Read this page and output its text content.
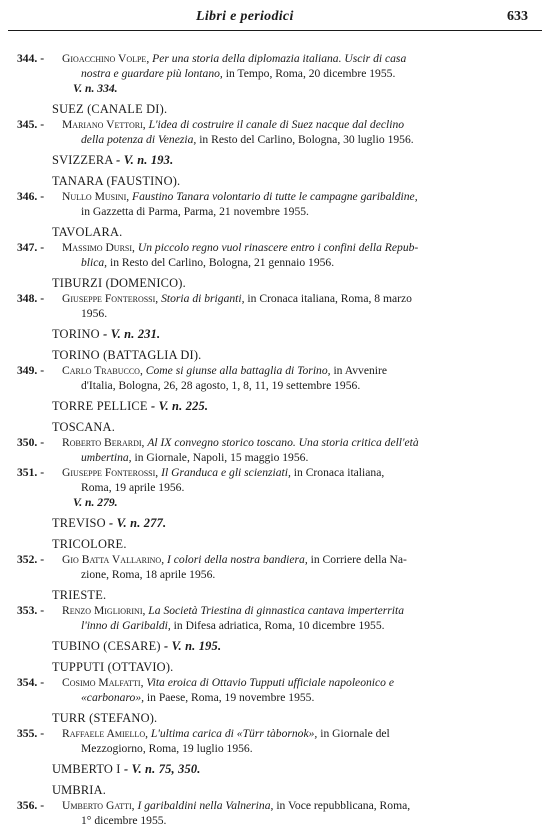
Libri e periodici	633
344. - Gioacchino Volpe, Per una storia della diplomazia italiana. Uscir di casa
nostra e guardare più lontano, in Tempo, Roma, 20 dicembre 1955.
V. n. 334.
SUEZ (CANALE DI).
345. - Mariano Vettori, L'idea di costruire il canale di Suez nacque dal declino
della potenza di Venezia, in Resto del Carlino, Bologna, 30 luglio 1956.
SVIZZERA - V. n. 193.
TANARA (FAUSTINO).
346. - Nullo Musini, Faustino Tanara volontario di tutte le campagne garibaldine,
in Gazzetta di Parma, Parma, 21 novembre 1955.
TAVOLARA.
347. - Massimo Dursi, Un piccolo regno vuol rinascere entro i confini della Repub-
blica, in Resto del Carlino, Bologna, 21 gennaio 1956.
TIBURZI (DOMENICO).
348. - Giuseppe Fonterossi, Storia di briganti, in Cronaca italiana, Roma, 8 marzo
1956.
TORINO - V. n. 231.
TORINO (BATTAGLIA DI).
349. - Carlo Trabucco, Come si giunse alla battaglia di Torino, in Avvenire
d'Italia, Bologna, 26, 28 agosto, 1, 8, 11, 19 settembre 1956.
TORRE PELLICE - V. n. 225.
TOSCANA.
350. - Roberto Berardi, Al IX convegno storico toscano. Una storia critica dell'età
umbertina, in Giornale, Napoli, 15 maggio 1956.
351. - Giuseppe Fonterossi, Il Granduca e gli scienziati, in Cronaca italiana,
Roma, 19 aprile 1956.
V. n. 279.
TREVISO - V. n. 277.
TRICOLORE.
352. - Gio Batta Vallarino, I colori della nostra bandiera, in Corriere della Na-
zione, Roma, 18 aprile 1956.
TRIESTE.
353. - Renzo Migliorini, La Società Triestina di ginnastica cantava imperterrita
l'inno di Garibaldi, in Difesa adriatica, Roma, 10 dicembre 1955.
TUBINO (CESARE) - V. n. 195.
TUPPUTI (OTTAVIO).
354. - Cosimo Malfatti, Vita eroica di Ottavio Tupputi ufficiale napoleonico e
«carbonaro», in Paese, Roma, 19 novembre 1955.
TURR (STEFANO).
355. - Raffaele Amiello, L'ultima carica di «Türr tàbornok», in Giornale del
Mezzogiorno, Roma, 19 luglio 1956.
UMBERTO I - V. n. 75, 350.
UMBRIA.
356. - Umberto Gatti, I garibaldini nella Valnerina, in Voce repubblicana, Roma,
1° dicembre 1955.
